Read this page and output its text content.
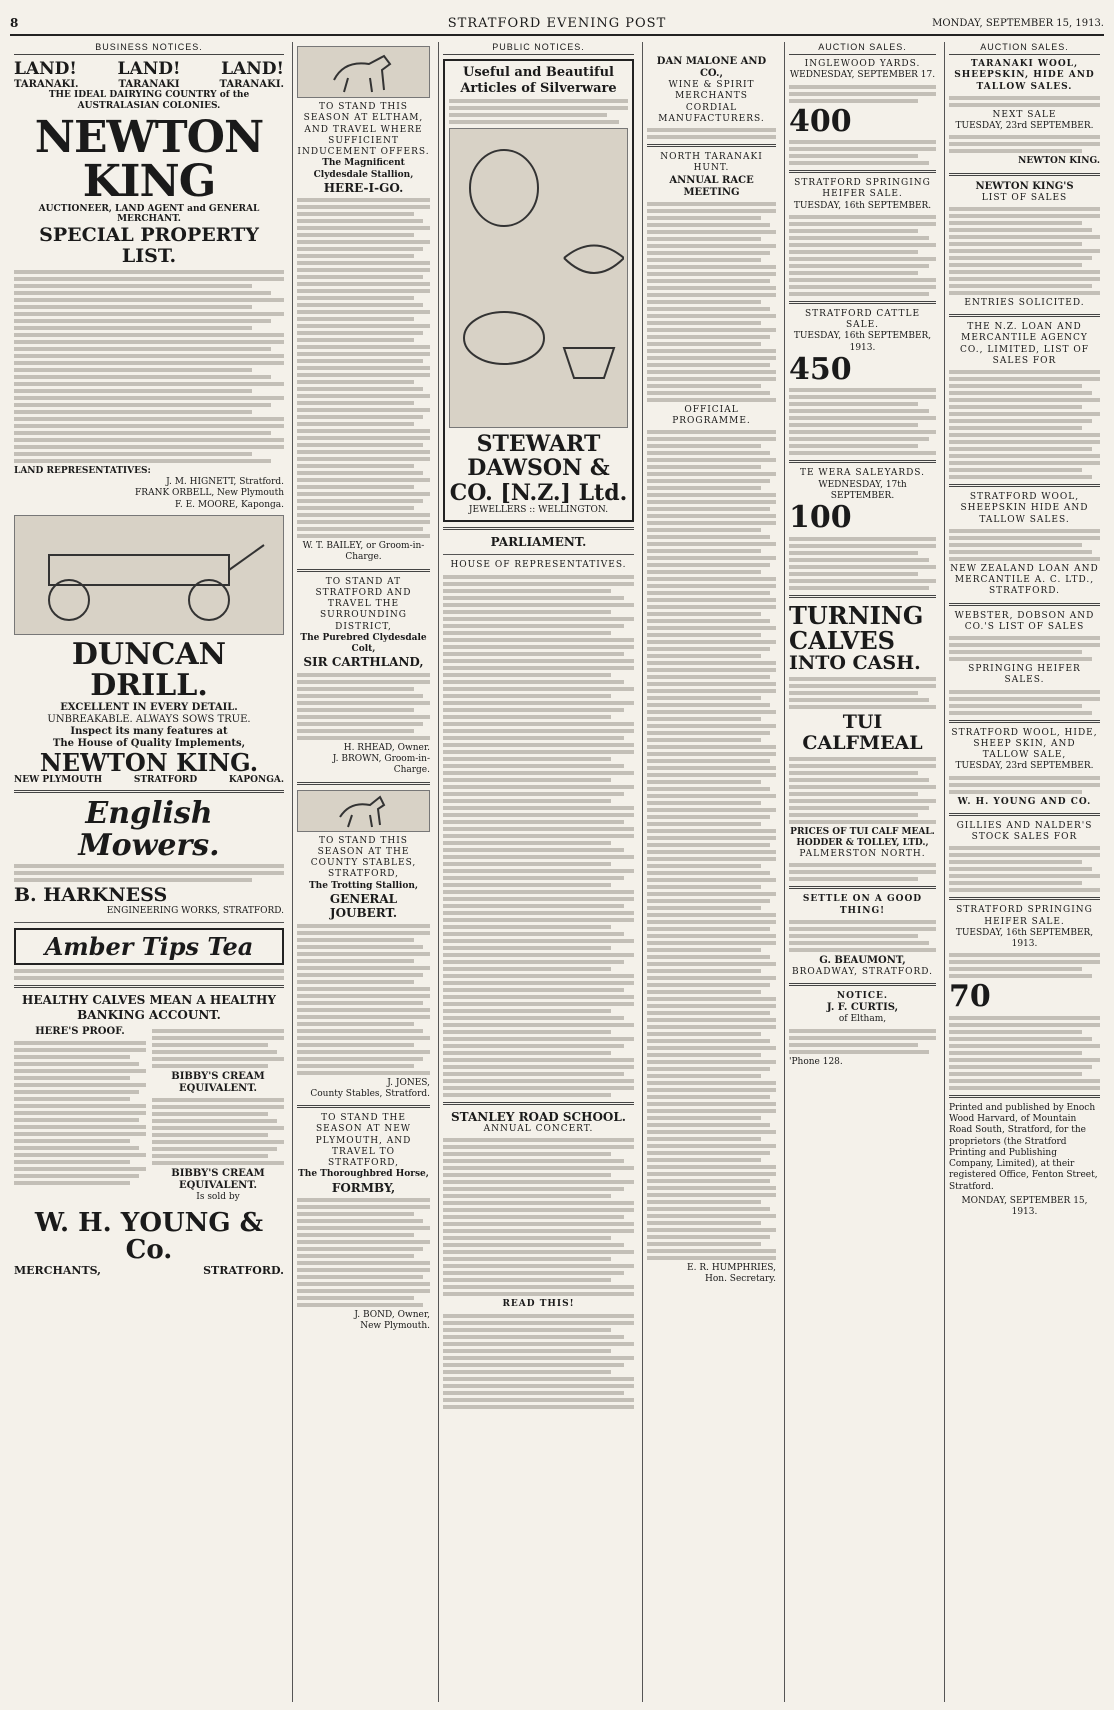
8	STRATFORD EVENING POST	MONDAY, SEPTEMBER 15, 1913.
BUSINESS NOTICES.
LAND! LAND! LAND!
TARANAKI.	TARANAKI	TARANAKI.
THE IDEAL DAIRYING COUNTRY of the AUSTRALASIAN COLONIES.
NEWTON KING
AUCTIONEER, LAND AGENT and GENERAL MERCHANT.
SPECIAL PROPERTY LIST.
LAND REPRESENTATIVES:
J. M. HIGNETT, Stratford.
FRANK ORBELL, New Plymouth
F. E. MOORE, Kaponga.
DUNCAN DRILL.
EXCELLENT IN EVERY DETAIL.
UNBREAKABLE. ALWAYS SOWS TRUE.
Inspect its many features at
The House of Quality Implements,
NEWTON KING.
NEW PLYMOUTH	STRATFORD	KAPONGA.
English Mowers.
B. HARKNESS
ENGINEERING WORKS, STRATFORD.
Amber Tips Tea
HEALTHY CALVES MEAN A HEALTHY BANKING ACCOUNT.
HERE'S PROOF.
BIBBY'S CREAM EQUIVALENT.
BIBBY'S CREAM EQUIVALENT.
Is sold by
W. H. YOUNG & Co.
MERCHANTS,	STRATFORD.
TO STAND THIS SEASON AT ELTHAM, AND TRAVEL WHERE SUFFICIENT INDUCEMENT OFFERS.
The Magnificent Clydesdale Stallion,
HERE-I-GO.
W. T. BAILEY, or Groom-in-Charge.
TO STAND AT STRATFORD AND TRAVEL THE SURROUNDING DISTRICT,
The Purebred Clydesdale Colt,
SIR CARTHLAND,
H. RHEAD, Owner.
J. BROWN, Groom-in-Charge.
TO STAND THIS SEASON AT THE COUNTY STABLES, STRATFORD,
The Trotting Stallion,
GENERAL JOUBERT.
J. JONES,
County Stables, Stratford.
TO STAND THE SEASON AT NEW PLYMOUTH, AND TRAVEL TO STRATFORD,
The Thoroughbred Horse,
FORMBY,
J. BOND, Owner,
New Plymouth.
PUBLIC NOTICES.
Useful and Beautiful Articles of Silverware
STEWART DAWSON & CO. [N.Z.] Ltd.
JEWELLERS :: WELLINGTON.
PARLIAMENT.
HOUSE OF REPRESENTATIVES.
STANLEY ROAD SCHOOL.
ANNUAL CONCERT.
READ THIS!
DAN MALONE AND CO.,
WINE & SPIRIT MERCHANTS
CORDIAL MANUFACTURERS.
NORTH TARANAKI HUNT.
ANNUAL RACE MEETING
OFFICIAL PROGRAMME.
E. R. HUMPHRIES,
Hon. Secretary.
AUCTION SALES.
INGLEWOOD YARDS.
WEDNESDAY, SEPTEMBER 17.
400
STRATFORD SPRINGING HEIFER SALE.
TUESDAY, 16th SEPTEMBER.
STRATFORD CATTLE SALE.
TUESDAY, 16th SEPTEMBER, 1913.
450
TE WERA SALEYARDS.
WEDNESDAY, 17th SEPTEMBER.
100
TURNING
CALVES
INTO CASH.
TUI CALFMEAL
PRICES OF TUI CALF MEAL.
HODDER & TOLLEY, LTD.,
PALMERSTON NORTH.
SETTLE ON A GOOD THING!
G. BEAUMONT,
BROADWAY, STRATFORD.
NOTICE.
J. F. CURTIS,
of Eltham,
'Phone 128.
AUCTION SALES.
TARANAKI WOOL, SHEEPSKIN, HIDE AND TALLOW SALES.
NEXT SALE
TUESDAY, 23rd SEPTEMBER.
NEWTON KING.
NEWTON KING'S
LIST OF SALES
ENTRIES SOLICITED.
THE N.Z. LOAN AND MERCANTILE AGENCY CO., LIMITED, LIST OF SALES FOR
STRATFORD WOOL, SHEEPSKIN HIDE AND TALLOW SALES.
NEW ZEALAND LOAN AND MERCANTILE A. C. LTD., STRATFORD.
WEBSTER, DOBSON AND CO.'S LIST OF SALES
SPRINGING HEIFER SALES.
STRATFORD WOOL, HIDE, SHEEP SKIN, AND TALLOW SALE,
TUESDAY, 23rd SEPTEMBER.
W. H. YOUNG AND CO.
GILLIES AND NALDER'S STOCK SALES FOR
STRATFORD SPRINGING HEIFER SALE.
TUESDAY, 16th SEPTEMBER, 1913.
70
Printed and published by Enoch Wood Harvard, of Mountain Road South, Stratford, for the proprietors (the Stratford Printing and Publishing Company, Limited), at their registered Office, Fenton Street, Stratford.
MONDAY, SEPTEMBER 15, 1913.
